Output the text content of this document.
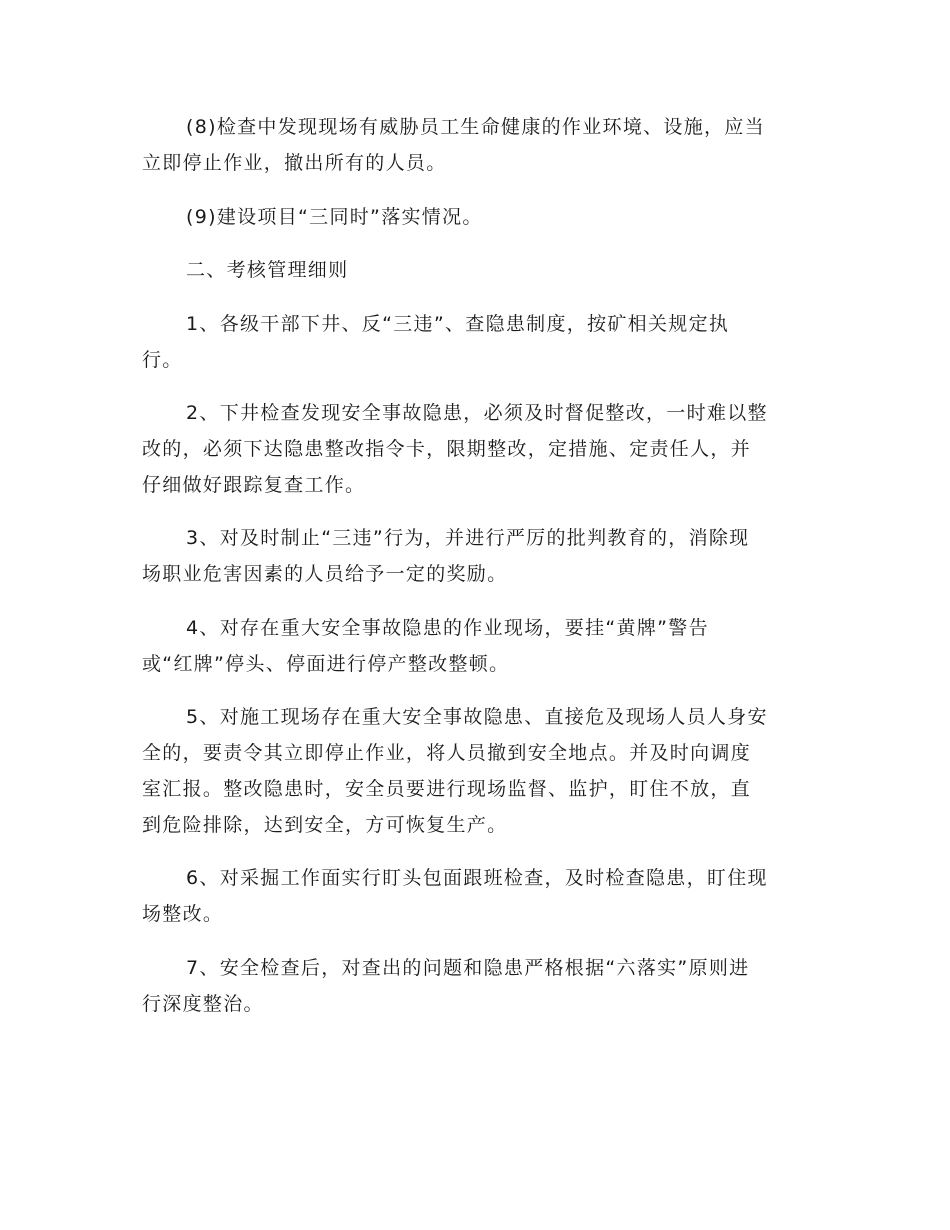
(8)检查中发现现场有威胁员工生命健康的作业环境、设施，应当
立即停止作业，撤出所有的人员。

(9)建设项目“三同时”落实情况。

二、考核管理细则

1、各级干部下井、反“三违”、查隐患制度，按矿相关规定执
行。

2、下井检查发现安全事故隐患，必须及时督促整改，一时难以整
改的，必须下达隐患整改指令卡，限期整改，定措施、定责任人，并
仔细做好跟踪复查工作。

3、对及时制止“三违”行为，并进行严厉的批判教育的，消除现
场职业危害因素的人员给予一定的奖励。

4、对存在重大安全事故隐患的作业现场，要挂“黄牌”警告
或“红牌”停头、停面进行停产整改整顿。

5、对施工现场存在重大安全事故隐患、直接危及现场人员人身安
全的，要责令其立即停止作业，将人员撤到安全地点。并及时向调度
室汇报。整改隐患时，安全员要进行现场监督、监护，盯住不放，直
到危险排除，达到安全，方可恢复生产。

6、对采掘工作面实行盯头包面跟班检查，及时检查隐患，盯住现
场整改。

7、安全检查后，对查出的问题和隐患严格根据“六落实”原则进
行深度整治。
